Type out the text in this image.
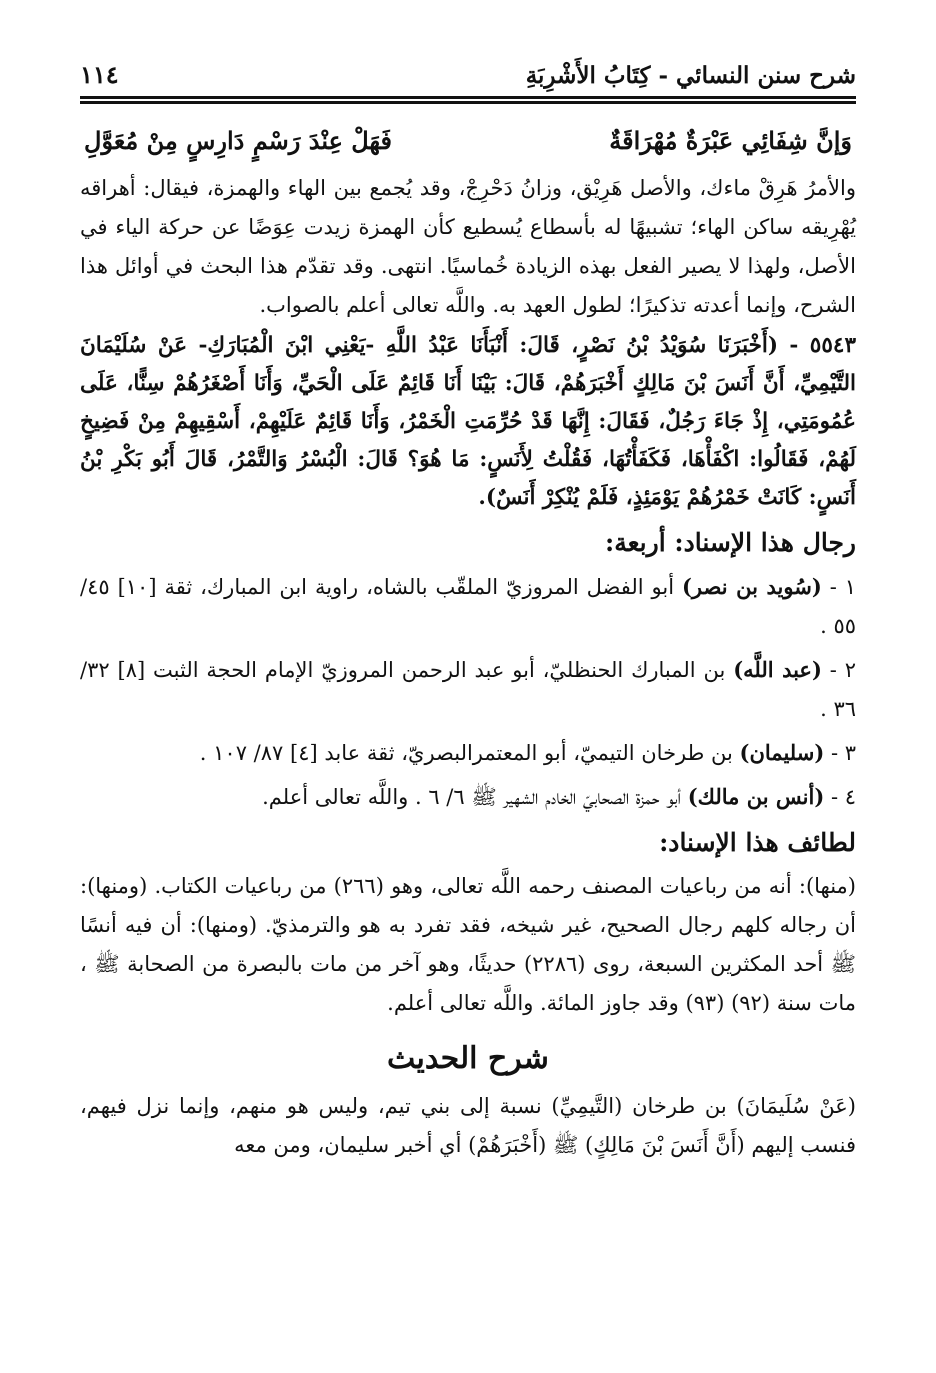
شرح سنن النسائي - كِتَابُ الأَشْرِبَةِ
١١٤
وَإنَّ شِفَائِي عَبْرَةٌ مُهْرَاقَةٌ
فَهَلْ عِنْدَ رَسْمٍ دَارِسٍ مِنْ مُعَوَّلِ

والأمرُ هَرِقْ ماءك، والأصل هَرِيْق، وزانُ دَحْرِجْ، وقد يُجمع بين الهاء والهمزة، فيقال: أهراقه يُهْرِيقه ساكن الهاء؛ تشبيهًا له بأسطاع يُسطيع كأن الهمزة زيدت عِوَضًا عن حركة الياء في الأصل، ولهذا لا يصير الفعل بهذه الزيادة خُماسيًا. انتهى. وقد تقدّم هذا البحث في أوائل هذا الشرح، وإنما أعدته تذكيرًا؛ لطول العهد به. واللَّه تعالى أعلم بالصواب.

٥٥٤٣ - (أَخْبَرَنَا سُوَيْدُ بْنُ نَصْرٍ، قَالَ: أَنْبَأَنَا عَبْدُ اللَّهِ -يَعْنِي ابْنَ الْمُبَارَكِ- عَنْ سُلَيْمَانَ التَّيْمِيِّ، أَنَّ أَنَسَ بْنَ مَالِكٍ أَخْبَرَهُمْ، قَالَ: بَيْنَا أَنَا قَائِمٌ عَلَى الْحَيِّ، وَأَنَا أَصْغَرُهُمْ سِنًّا، عَلَى عُمُومَتِي، إِذْ جَاءَ رَجُلٌ، فَقَالَ: إِنَّهَا قَدْ حُرِّمَتِ الْخَمْرُ، وَأَنَا قَائِمٌ عَلَيْهِمْ، أَسْقِيهِمْ مِنْ فَضِيخٍ لَهُمْ، فَقَالُوا: اكْفَأْهَا، فَكَفَأْتُهَا، فَقُلْتُ لِأَنَسٍ: مَا هُوَ؟ قَالَ: الْبُسْرُ وَالتَّمْرُ، قَالَ أَبُو بَكْرِ بْنُ أَنَسٍ: كَانَتْ خَمْرُهُمْ يَوْمَئِذٍ، فَلَمْ يُنْكِرْ أَنَسٌ).

رجال هذا الإسناد: أربعة:

١ - (سُويد بن نصر) أبو الفضل المروزيّ الملقّب بالشاه، راوية ابن المبارك، ثقة [١٠] ٤٥/ ٥٥ .

٢ - (عبد اللَّه) بن المبارك الحنظليّ، أبو عبد الرحمن المروزيّ الإمام الحجة الثبت [٨] ٣٢/ ٣٦ .

٣ - (سليمان) بن طرخان التيميّ، أبو المعتمرالبصريّ، ثقة عابد [٤] ٨٧/ ١٠٧ .

٤ - (أنس بن مالك) أبو حمزة الصحابيّ الخادم الشهير ﷺ ٦/ ٦ . واللَّه تعالى أعلم.

لطائف هذا الإسناد:

(منها): أنه من رباعيات المصنف رحمه اللَّه تعالى، وهو (٢٦٦) من رباعيات الكتاب. (ومنها): أن رجاله كلهم رجال الصحيح، غير شيخه، فقد تفرد به هو والترمذيّ. (ومنها): أن فيه أنسًا ﷺ أحد المكثرين السبعة، روى (٢٢٨٦) حديثًا، وهو آخر من مات بالبصرة من الصحابة ﷺ ، مات سنة (٩٢) (٩٣) وقد جاوز المائة. واللَّه تعالى أعلم.

شرح الحديث

(عَنْ سُلَيمَانَ) بن طرخان (التَّيمِيِّ) نسبة إلى بني تيم، وليس هو منهم، وإنما نزل فيهم، فنسب إليهم (أَنَّ أَنَسَ بْنَ مَالِكٍ) ﷺ (أَخْبَرَهُمْ) أي أخبر سليمان، ومن معه
